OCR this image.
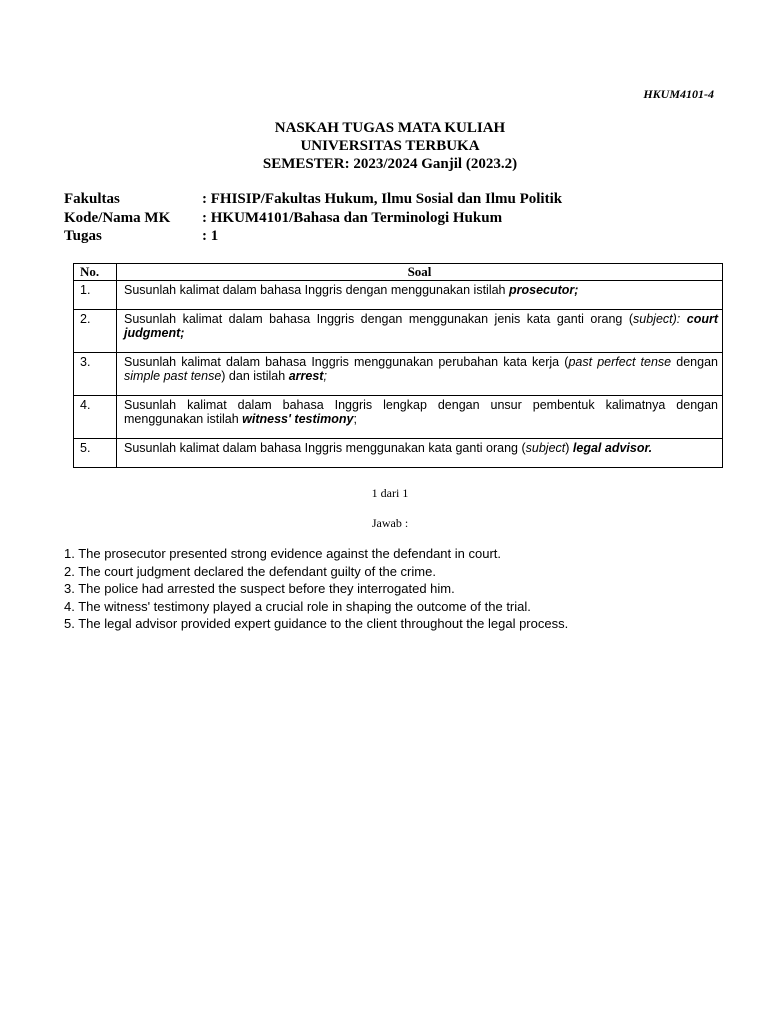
HKUM4101-4
NASKAH TUGAS MATA KULIAH
UNIVERSITAS TERBUKA
SEMESTER: 2023/2024 Ganjil (2023.2)
Fakultas	: FHISIP/Fakultas Hukum, Ilmu Sosial dan Ilmu Politik
Kode/Nama MK	: HKUM4101/Bahasa dan Terminologi Hukum
Tugas	: 1
No.	Soal
1.	Susunlah kalimat dalam bahasa Inggris dengan menggunakan istilah prosecutor;
2.	Susunlah kalimat dalam bahasa Inggris dengan menggunakan jenis kata ganti orang (subject): court judgment;
3.	Susunlah kalimat dalam bahasa Inggris menggunakan perubahan kata kerja (past perfect tense dengan simple past tense) dan istilah arrest;
4.	Susunlah kalimat dalam bahasa Inggris lengkap dengan unsur pembentuk kalimatnya dengan menggunakan istilah witness' testimony;
5.	Susunlah kalimat dalam bahasa Inggris menggunakan kata ganti orang (subject) legal advisor.
1 dari 1
Jawab :
1. The prosecutor presented strong evidence against the defendant in court.
2. The court judgment declared the defendant guilty of the crime.
3. The police had arrested the suspect before they interrogated him.
4. The witness' testimony played a crucial role in shaping the outcome of the trial.
5. The legal advisor provided expert guidance to the client throughout the legal process.
